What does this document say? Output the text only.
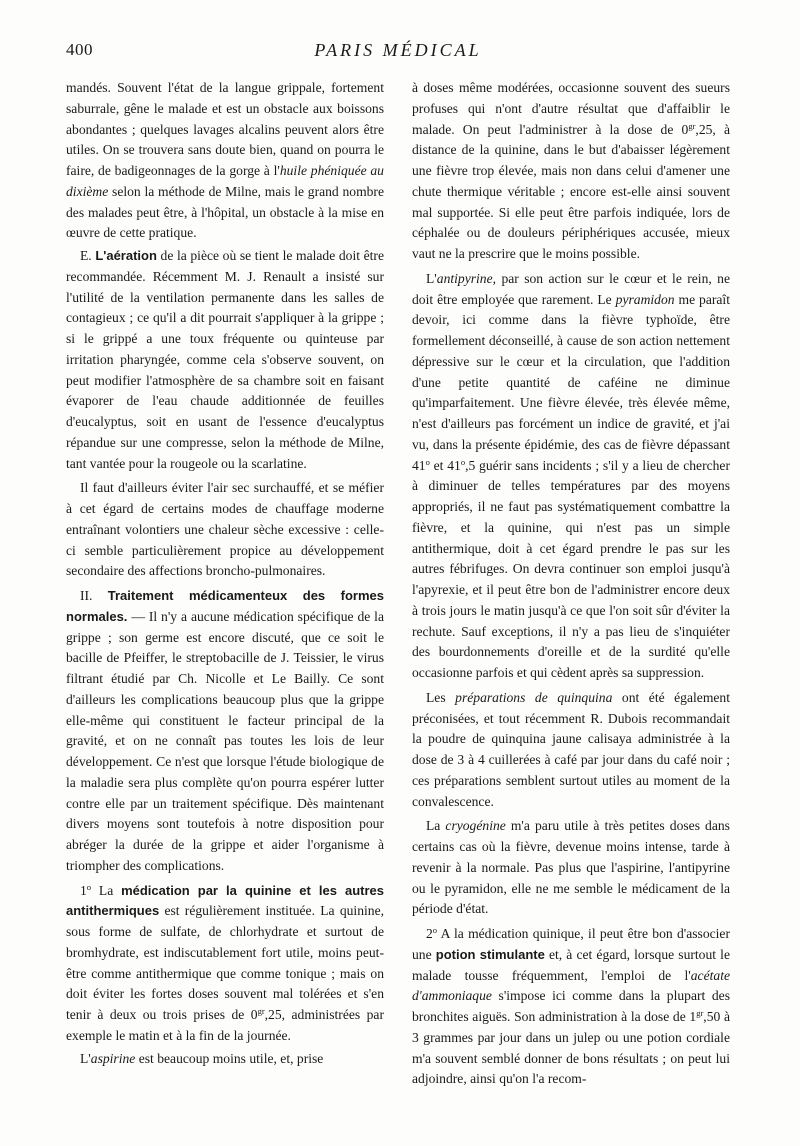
400	PARIS MÉDICAL

mandés. Souvent l'état de la langue grippale, fortement saburrale, gêne le malade et est un obstacle aux boissons abondantes ; quelques lavages alcalins peuvent alors être utiles. On se trouvera sans doute bien, quand on pourra le faire, de badigeonnages de la gorge à l'huile phéniquée au dixième selon la méthode de Milne, mais le grand nombre des malades peut être, à l'hôpital, un obstacle à la mise en œuvre de cette pratique.

E. L'aération de la pièce où se tient le malade doit être recommandée. Récemment M. J. Renault a insisté sur l'utilité de la ventilation permanente dans les salles de contagieux ; ce qu'il a dit pourrait s'appliquer à la grippe ; si le grippé a une toux fréquente ou quinteuse par irritation pharyngée, comme cela s'observe souvent, on peut modifier l'atmosphère de sa chambre soit en faisant évaporer de l'eau chaude additionnée de feuilles d'eucalyptus, soit en usant de l'essence d'eucalyptus répandue sur une compresse, selon la méthode de Milne, tant vantée pour la rougeole ou la scarlatine.

Il faut d'ailleurs éviter l'air sec surchauffé, et se méfier à cet égard de certains modes de chauffage moderne entraînant volontiers une chaleur sèche excessive : celle-ci semble particulièrement propice au développement secondaire des affections broncho-pulmonaires.

II. Traitement médicamenteux des formes normales. — Il n'y a aucune médication spécifique de la grippe ; son germe est encore discuté, que ce soit le bacille de Pfeiffer, le streptobacille de J. Teissier, le virus filtrant étudié par Ch. Nicolle et Le Bailly. Ce sont d'ailleurs les complications beaucoup plus que la grippe elle-même qui constituent le facteur principal de la gravité, et on ne connaît pas toutes les lois de leur développement. Ce n'est que lorsque l'étude biologique de la maladie sera plus complète qu'on pourra espérer lutter contre elle par un traitement spécifique. Dès maintenant divers moyens sont toutefois à notre disposition pour abréger la durée de la grippe et aider l'organisme à triompher des complications.

1$^o$ La médication par la quinine et les autres antithermiques est régulièrement instituée. La quinine, sous forme de sulfate, de chlorhydrate et surtout de bromhydrate, est indiscutablement fort utile, moins peut-être comme antithermique que comme tonique ; mais on doit éviter les fortes doses souvent mal tolérées et s'en tenir à deux ou trois prises de $0^{gr},25$, administrées par exemple le matin et à la fin de la journée.

L'aspirine est beaucoup moins utile, et, prise

à doses même modérées, occasionne souvent des sueurs profuses qui n'ont d'autre résultat que d'affaiblir le malade. On peut l'administrer à la dose de $0^{gr},25$, à distance de la quinine, dans le but d'abaisser légèrement une fièvre trop élevée, mais non dans celui d'amener une chute thermique véritable ; encore est-elle ainsi souvent mal supportée. Si elle peut être parfois indiquée, lors de céphalée ou de douleurs périphériques accusée, mieux vaut ne la prescrire que le moins possible.

L'antipyrine, par son action sur le cœur et le rein, ne doit être employée que rarement. Le pyramidon me paraît devoir, ici comme dans la fièvre typhoïde, être formellement déconseillé, à cause de son action nettement dépressive sur le cœur et la circulation, que l'addition d'une petite quantité de caféine ne diminue qu'imparfaitement. Une fièvre élevée, très élevée même, n'est d'ailleurs pas forcément un indice de gravité, et j'ai vu, dans la présente épidémie, des cas de fièvre dépassant 41$^o$ et 41$^o$,5 guérir sans incidents ; s'il y a lieu de chercher à diminuer de telles températures par des moyens appropriés, il ne faut pas systématiquement combattre la fièvre, et la quinine, qui n'est pas un simple antithermique, doit à cet égard prendre le pas sur les autres fébrifuges. On devra continuer son emploi jusqu'à l'apyrexie, et il peut être bon de l'administrer encore deux à trois jours le matin jusqu'à ce que l'on soit sûr d'éviter la rechute. Sauf exceptions, il n'y a pas lieu de s'inquiéter des bourdonnements d'oreille et de la surdité qu'elle occasionne parfois et qui cèdent après sa suppression.

Les préparations de quinquina ont été également préconisées, et tout récemment R. Dubois recommandait la poudre de quinquina jaune calisaya administrée à la dose de 3 à 4 cuillerées à café par jour dans du café noir ; ces préparations semblent surtout utiles au moment de la convalescence.

La cryogénine m'a paru utile à très petites doses dans certains cas où la fièvre, devenue moins intense, tarde à revenir à la normale. Pas plus que l'aspirine, l'antipyrine ou le pyramidon, elle ne me semble le médicament de la période d'état.

2$^o$ A la médication quinique, il peut être bon d'associer une potion stimulante et, à cet égard, lorsque surtout le malade tousse fréquemment, l'emploi de l'acétate d'ammoniaque s'impose ici comme dans la plupart des bronchites aiguës. Son administration à la dose de $1^{gr},50$ à 3 grammes par jour dans un julep ou une potion cordiale m'a souvent semblé donner de bons résultats ; on peut lui adjoindre, ainsi qu'on l'a recom-
